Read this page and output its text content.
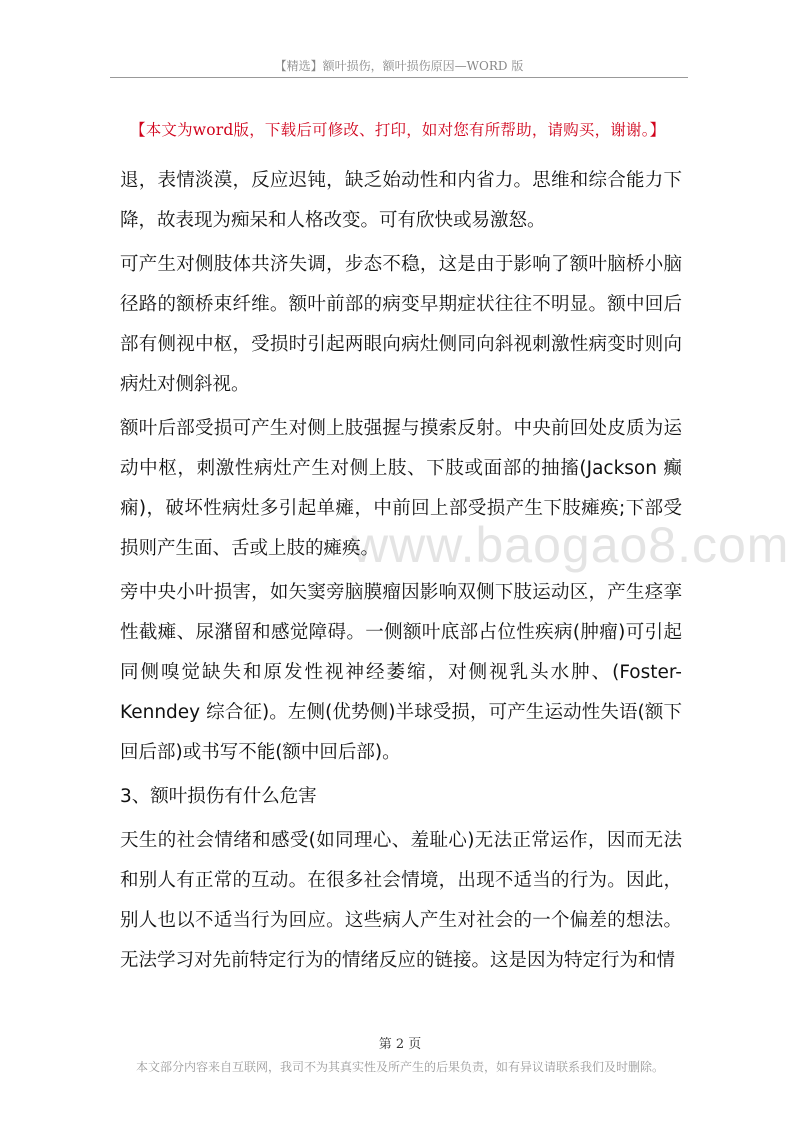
【精选】额叶损伤，额叶损伤原因—WORD 版
【本文为word版，下载后可修改、打印，如对您有所帮助，请购买，谢谢。】
www.baogao8.com

退，表情淡漠，反应迟钝，缺乏始动性和内省力。思维和综合能力下降，故表现为痴呆和人格改变。可有欣快或易激怒。

可产生对侧肢体共济失调，步态不稳，这是由于影响了额叶脑桥小脑径路的额桥束纤维。额叶前部的病变早期症状往往不明显。额中回后部有侧视中枢，受损时引起两眼向病灶侧同向斜视刺激性病变时则向病灶对侧斜视。

额叶后部受损可产生对侧上肢强握与摸索反射。中央前回处皮质为运动中枢，刺激性病灶产生对侧上肢、下肢或面部的抽搐(Jackson 癫痫)，破坏性病灶多引起单瘫，中前回上部受损产生下肢瘫痪;下部受损则产生面、舌或上肢的瘫痪。

旁中央小叶损害，如矢窦旁脑膜瘤因影响双侧下肢运动区，产生痉挛性截瘫、尿潴留和感觉障碍。一侧额叶底部占位性疾病(肿瘤)可引起同侧嗅觉缺失和原发性视神经萎缩，对侧视乳头水肿、(Foster-Kenndey 综合征)。左侧(优势侧)半球受损，可产生运动性失语(额下回后部)或书写不能(额中回后部)。

3、额叶损伤有什么危害

天生的社会情绪和感受(如同理心、羞耻心)无法正常运作，因而无法和别人有正常的互动。在很多社会情境，出现不适当的行为。因此，别人也以不适当行为回应。这些病人产生对社会的一个偏差的想法。无法学习对先前特定行为的情绪反应的链接。这是因为特定行为和情

第 2 页
本文部分内容来自互联网，我司不为其真实性及所产生的后果负责，如有异议请联系我们及时删除。
